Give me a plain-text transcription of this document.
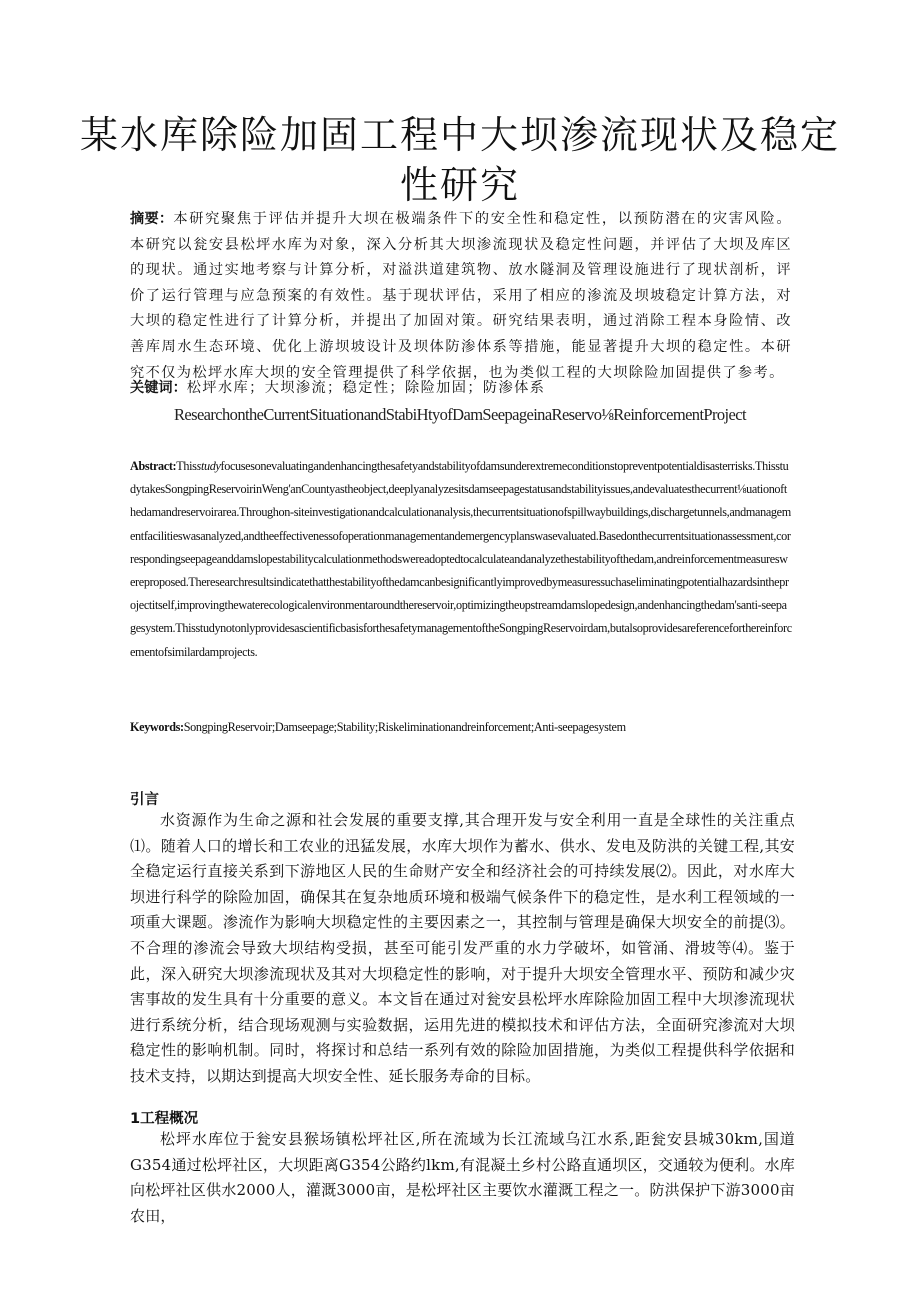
某水库除险加固工程中大坝渗流现状及稳定性研究
摘要：本研究聚焦于评估并提升大坝在极端条件下的安全性和稳定性，以预防潜在的灾害风险。本研究以瓮安县松坪水库为对象，深入分析其大坝渗流现状及稳定性问题，并评估了大坝及库区的现状。通过实地考察与计算分析，对溢洪道建筑物、放水隧洞及管理设施进行了现状剖析，评价了运行管理与应急预案的有效性。基于现状评估，采用了相应的渗流及坝坡稳定计算方法，对大坝的稳定性进行了计算分析，并提出了加固对策。研究结果表明，通过消除工程本身险情、改善库周水生态环境、优化上游坝坡设计及坝体防渗体系等措施，能显著提升大坝的稳定性。本研究不仅为松坪水库大坝的安全管理提供了科学依据，也为类似工程的大坝除险加固提供了参考。
关键词：松坪水库；大坝渗流；稳定性；除险加固；防渗体系
ResearchontheCurrentSituationandStabiHtyofDamSeepageinaReservo⅛ReinforcementProject
Abstract:Thisstudyfocusesonevaluatingandenhancingthesafetyandstabilityofdamsunderextremeconditionstopreventpotentialdisasterrisks.ThisstudytakesSongpingReservoirinWeng'anCountyastheobject,deeplyanalyzesitsdamseepagestatusandstabilityissues,andevaluatesthecurrent⅛uationofthedamandreservoirarea.Throughon-siteinvestigationandcalculationanalysis,thecurrentsituationofspillwaybuildings,dischargetunnels,andmanagementfacilitieswasanalyzed,andtheeffectivenessofoperationmanagementandemergencyplanswasevaluated.Basedonthecurrentsituationassessment,correspondingseepageanddamslopestabilitycalculationmethodswereadoptedtocalculateandanalyzethestabilityofthedam,andreinforcementmeasureswereproposed.Theresearchresultsindicatethatthestabilityofthedamcanbesignificantlyimprovedbymeasuressuchaseliminatingpotentialhazardsintheprojectitself,improvingthewaterecologicalenvironmentaroundthereservoir,optimizingtheυpstreamdamslopedesign,andenhancingthedam'santi-seepagesystem.ThisstudynotonlyprovidesascientificbasisforthesafetymanagementoftheSongpingReservoirdam,butalsoprovidesareferenceforthereinforcementofsimilardamprojects.
Keywords:SongpingReservoir;Damseepage;Stability;Riskeliminationandreinforcement;Anti-seepagesystem
引言
水资源作为生命之源和社会发展的重要支撑,其合理开发与安全利用一直是全球性的关注重点⑴。随着人口的增长和工农业的迅猛发展，水库大坝作为蓄水、供水、发电及防洪的关键工程,其安全稳定运行直接关系到下游地区人民的生命财产安全和经济社会的可持续发展⑵。因此，对水库大坝进行科学的除险加固，确保其在复杂地质环境和极端气候条件下的稳定性，是水利工程领域的一项重大课题。渗流作为影响大坝稳定性的主要因素之一，其控制与管理是确保大坝安全的前提⑶。不合理的渗流会导致大坝结构受损，甚至可能引发严重的水力学破坏，如管涌、滑坡等⑷。鉴于此，深入研究大坝渗流现状及其对大坝稳定性的影响，对于提升大坝安全管理水平、预防和减少灾害事故的发生具有十分重要的意义。本文旨在通过对瓮安县松坪水库除险加固工程中大坝渗流现状进行系统分析，结合现场观测与实验数据，运用先进的模拟技术和评估方法，全面研究渗流对大坝稳定性的影响机制。同时，将探讨和总结一系列有效的除险加固措施，为类似工程提供科学依据和技术支持，以期达到提高大坝安全性、延长服务寿命的目标。
1工程概况
松坪水库位于瓮安县猴场镇松坪社区,所在流域为长江流域乌江水系,距瓮安县城30km,国道G354通过松坪社区，大坝距离G354公路约lkm,有混凝土乡村公路直通坝区，交通较为便利。水库向松坪社区供水2000人，灌溉3000亩，是松坪社区主要饮水灌溉工程之一。防洪保护下游3000亩农田，
